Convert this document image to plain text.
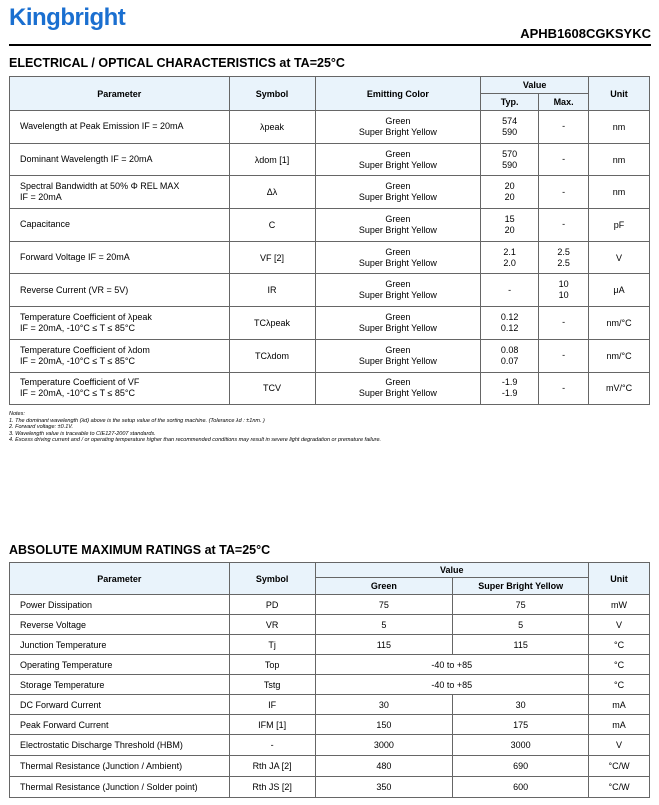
Kingbright
APHB1608CGKSYKC
ELECTRICAL / OPTICAL CHARACTERISTICS at TA=25°C
Parameter	Symbol	Emitting Color	Value		Unit
			Typ.	Max.	

Wavelength at Peak Emission IF = 20mA	λpeak	Green
Super Bright Yellow	574
590	-	nm

Dominant Wavelength IF = 20mA	λdom [1]	Green
Super Bright Yellow	570
590	-	nm

Spectral Bandwidth at 50% Φ REL MAX
IF = 20mA	Δλ	Green
Super Bright Yellow	20
20	-	nm

Capacitance	C	Green
Super Bright Yellow	15
20	-	pF

Forward Voltage IF = 20mA	VF [2]	Green
Super Bright Yellow	2.1
2.0	2.5
2.5	V

Reverse Current (VR = 5V)	IR	Green
Super Bright Yellow	-	10
10	μA

Temperature Coefficient of λpeak
IF = 20mA, -10°C ≤ T ≤ 85°C	TCλpeak	Green
Super Bright Yellow	0.12
0.12	-	nm/°C

Temperature Coefficient of λdom
IF = 20mA, -10°C ≤ T ≤ 85°C	TCλdom	Green
Super Bright Yellow	0.08
0.07	-	nm/°C

Temperature Coefficient of VF
IF = 20mA, -10°C ≤ T ≤ 85°C	TCV	Green
Super Bright Yellow	-1.9
-1.9	-	mV/°C
Notes:
1. The dominant wavelength (λd) above is the setup value of the sorting machine. (Tolerance λd : ±1nm. )
2. Forward voltage: ±0.1V.
3. Wavelength value is traceable to CIE127-2007 standards.
4. Excess driving current and / or operating temperature higher than recommended conditions may result in severe light degradation or premature failure.
ABSOLUTE MAXIMUM RATINGS at TA=25°C
Parameter	Symbol	Value		Unit
		Green	Super Bright Yellow	
Power Dissipation	PD	75	75	mW
Reverse Voltage	VR	5	5	V
Junction Temperature	Tj	115	115	°C
Operating Temperature	Top	-40 to +85		°C
Storage Temperature	Tstg	-40 to +85		°C
DC Forward Current	IF	30	30	mA
Peak Forward Current	IFM [1]	150	175	mA
Electrostatic Discharge Threshold (HBM)	-	3000	3000	V
Thermal Resistance (Junction / Ambient)	Rth JA [2]	480	690	°C/W
Thermal Resistance (Junction / Solder point)	Rth JS [2]	350	600	°C/W
